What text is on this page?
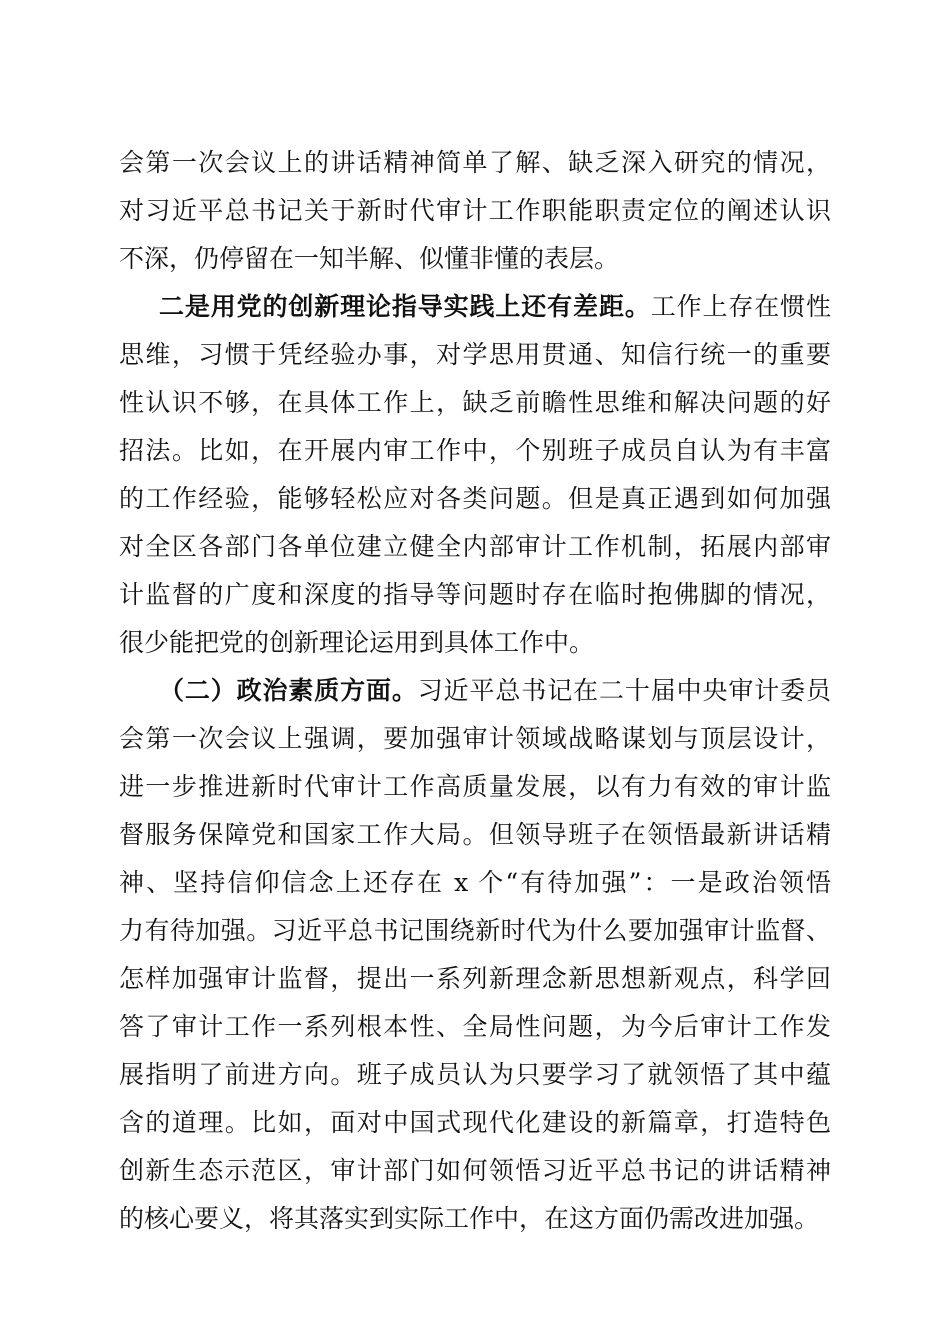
会第一次会议上的讲话精神简单了解、缺乏深入研究的情况，
对习近平总书记关于新时代审计工作职能职责定位的阐述认识
不深，仍停留在一知半解、似懂非懂的表层。
二是用党的创新理论指导实践上还有差距。工作上存在惯性
思维，习惯于凭经验办事，对学思用贯通、知信行统一的重要
性认识不够，在具体工作上，缺乏前瞻性思维和解决问题的好
招法。比如，在开展内审工作中，个别班子成员自认为有丰富
的工作经验，能够轻松应对各类问题。但是真正遇到如何加强
对全区各部门各单位建立健全内部审计工作机制，拓展内部审
计监督的广度和深度的指导等问题时存在临时抱佛脚的情况，
很少能把党的创新理论运用到具体工作中。
（二）政治素质方面。习近平总书记在二十届中央审计委员
会第一次会议上强调，要加强审计领域战略谋划与顶层设计，
进一步推进新时代审计工作高质量发展，以有力有效的审计监
督服务保障党和国家工作大局。但领导班子在领悟最新讲话精
神、坚持信仰信念上还存在 x 个“有待加强”：一是政治领悟
力有待加强。习近平总书记围绕新时代为什么要加强审计监督、
怎样加强审计监督，提出一系列新理念新思想新观点，科学回
答了审计工作一系列根本性、全局性问题，为今后审计工作发
展指明了前进方向。班子成员认为只要学习了就领悟了其中蕴
含的道理。比如，面对中国式现代化建设的新篇章，打造特色
创新生态示范区，审计部门如何领悟习近平总书记的讲话精神
的核心要义，将其落实到实际工作中，在这方面仍需改进加强。
